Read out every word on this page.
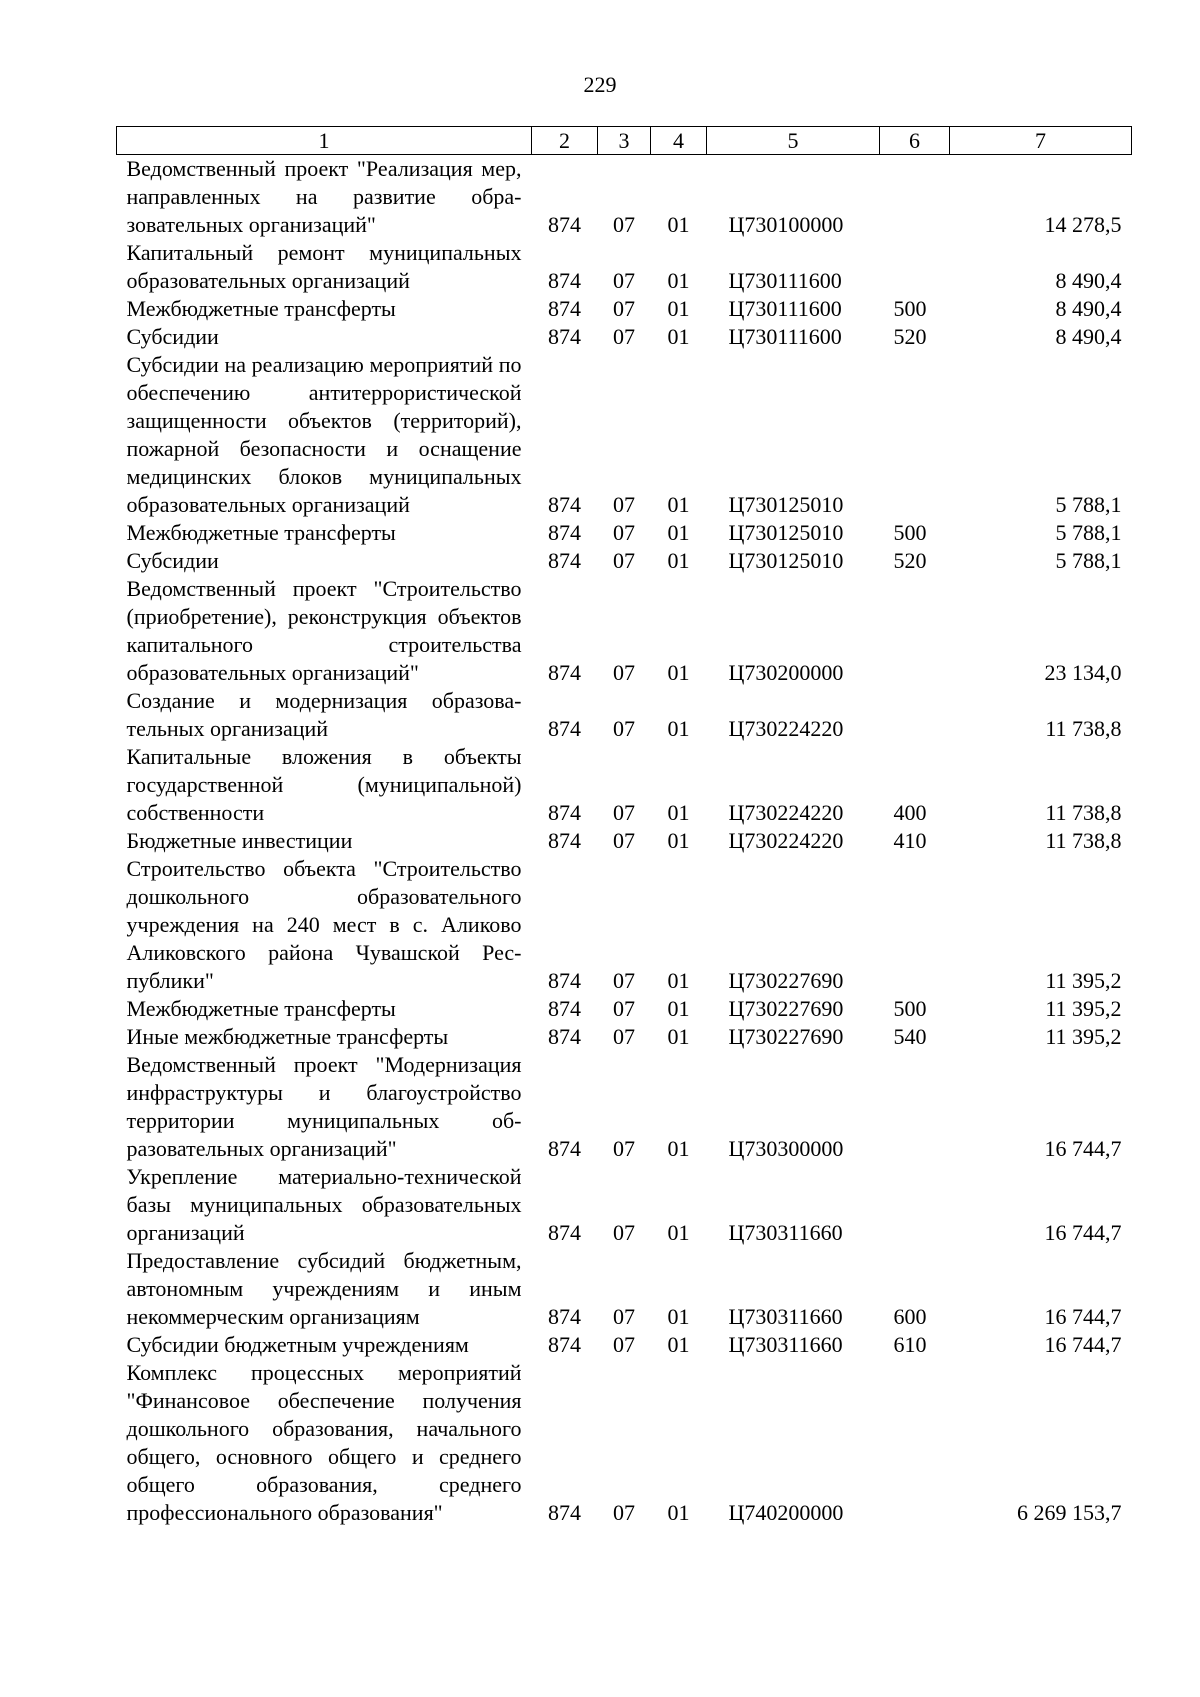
229
1	2	3	4	5	6	7
Ведомственный проект "Реализация мер, направленных на развитие образовательных организаций"	874	07	01	Ц730100000		14 278,5
Капитальный ремонт муниципальных образовательных организаций	874	07	01	Ц730111600		8 490,4
Межбюджетные трансферты	874	07	01	Ц730111600	500	8 490,4
Субсидии	874	07	01	Ц730111600	520	8 490,4
Субсидии на реализацию мероприятий по обеспечению антитеррористической защищенности объектов (территорий), пожарной безопасности и оснащение медицинских блоков муниципальных образовательных организаций	874	07	01	Ц730125010		5 788,1
Межбюджетные трансферты	874	07	01	Ц730125010	500	5 788,1
Субсидии	874	07	01	Ц730125010	520	5 788,1
Ведомственный проект "Строительство (приобретение), реконструкция объектов капитального строительства образовательных организаций"	874	07	01	Ц730200000		23 134,0
Создание и модернизация образовательных организаций	874	07	01	Ц730224220		11 738,8
Капитальные вложения в объекты государственной (муниципальной) собственности	874	07	01	Ц730224220	400	11 738,8
Бюджетные инвестиции	874	07	01	Ц730224220	410	11 738,8
Строительство объекта "Строительство дошкольного образовательного учреждения на 240 мест в с. Аликово Аликовского района Чувашской Республики"	874	07	01	Ц730227690		11 395,2
Межбюджетные трансферты	874	07	01	Ц730227690	500	11 395,2
Иные межбюджетные трансферты	874	07	01	Ц730227690	540	11 395,2
Ведомственный проект "Модернизация инфраструктуры и благоустройство территории муниципальных образовательных организаций"	874	07	01	Ц730300000		16 744,7
Укрепление материально-технической базы муниципальных образовательных организаций	874	07	01	Ц730311660		16 744,7
Предоставление субсидий бюджетным, автономным учреждениям и иным некоммерческим организациям	874	07	01	Ц730311660	600	16 744,7
Субсидии бюджетным учреждениям	874	07	01	Ц730311660	610	16 744,7
Комплекс процессных мероприятий "Финансовое обеспечение получения дошкольного образования, начального общего, основного общего и среднего общего образования, среднего профессионального образования"	874	07	01	Ц740200000		6 269 153,7
